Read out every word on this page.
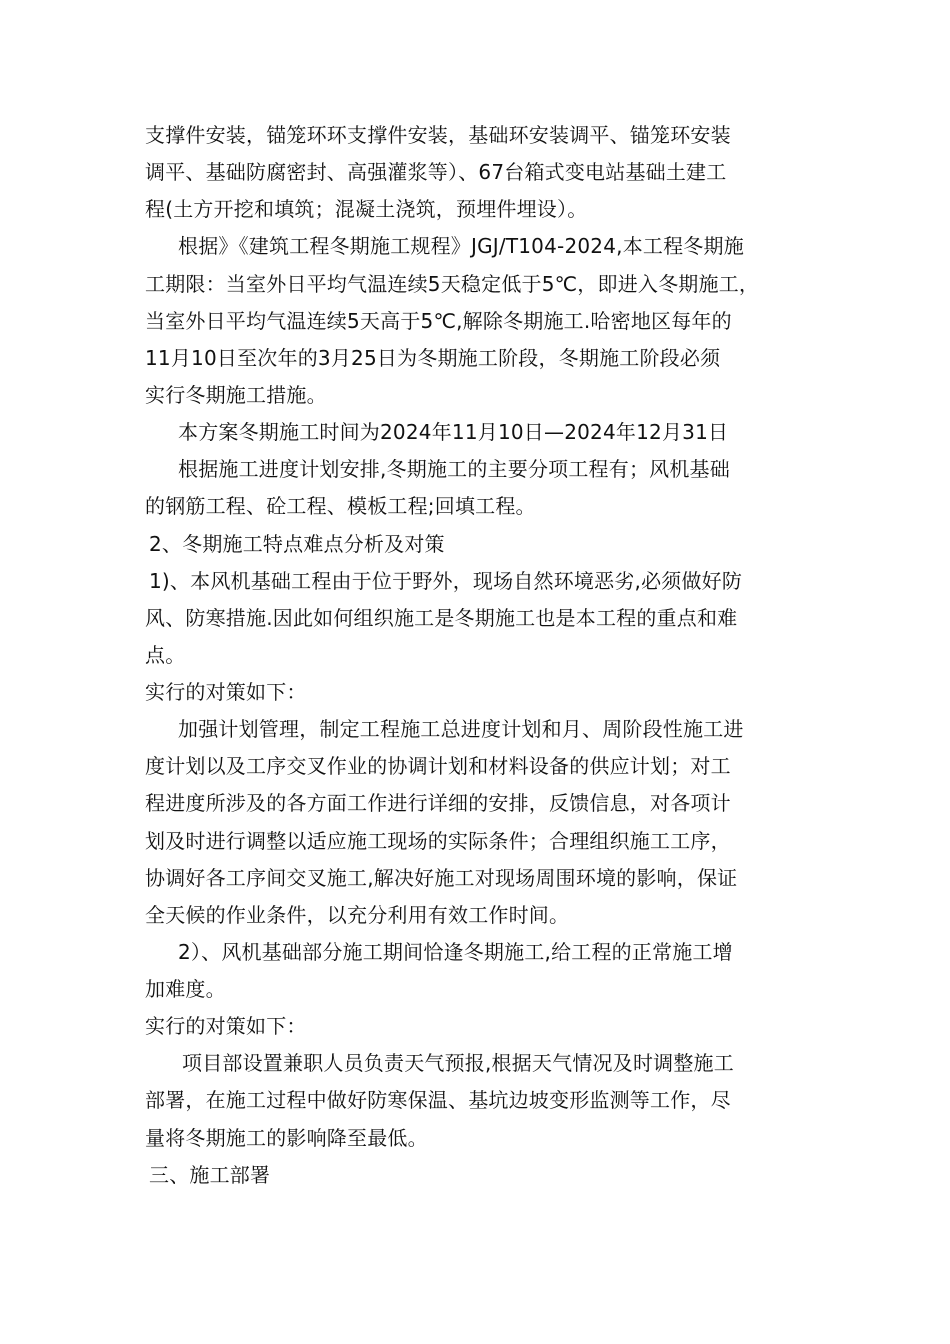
支撑件安装，锚笼环环支撑件安装，基础环安装调平、锚笼环安装
调平、基础防腐密封、高强灌浆等）、67台箱式变电站基础土建工
程(土方开挖和填筑；混凝土浇筑，预埋件埋设）。
根据》《建筑工程冬期施工规程》JGJ/T104-2024,本工程冬期施
工期限：当室外日平均气温连续5天稳定低于5℃，即进入冬期施工，
当室外日平均气温连续5天高于5℃,解除冬期施工.哈密地区每年的
11月10日至次年的3月25日为冬期施工阶段，冬期施工阶段必须
实行冬期施工措施。
本方案冬期施工时间为2024年11月10日—2024年12月31日
根据施工进度计划安排,冬期施工的主要分项工程有；风机基础
的钢筋工程、砼工程、模板工程;回填工程。
2、冬期施工特点难点分析及对策
1)、本风机基础工程由于位于野外，现场自然环境恶劣,必须做好防
风、防寒措施.因此如何组织施工是冬期施工也是本工程的重点和难
点。
实行的对策如下：
加强计划管理，制定工程施工总进度计划和月、周阶段性施工进
度计划以及工序交叉作业的协调计划和材料设备的供应计划；对工
程进度所涉及的各方面工作进行详细的安排，反馈信息，对各项计
划及时进行调整以适应施工现场的实际条件；合理组织施工工序，
协调好各工序间交叉施工,解决好施工对现场周围环境的影响，保证
全天候的作业条件，以充分利用有效工作时间。
2）、风机基础部分施工期间恰逢冬期施工,给工程的正常施工增
加难度。
实行的对策如下：
项目部设置兼职人员负责天气预报,根据天气情况及时调整施工
部署，在施工过程中做好防寒保温、基坑边坡变形监测等工作，尽
量将冬期施工的影响降至最低。
三、施工部署
